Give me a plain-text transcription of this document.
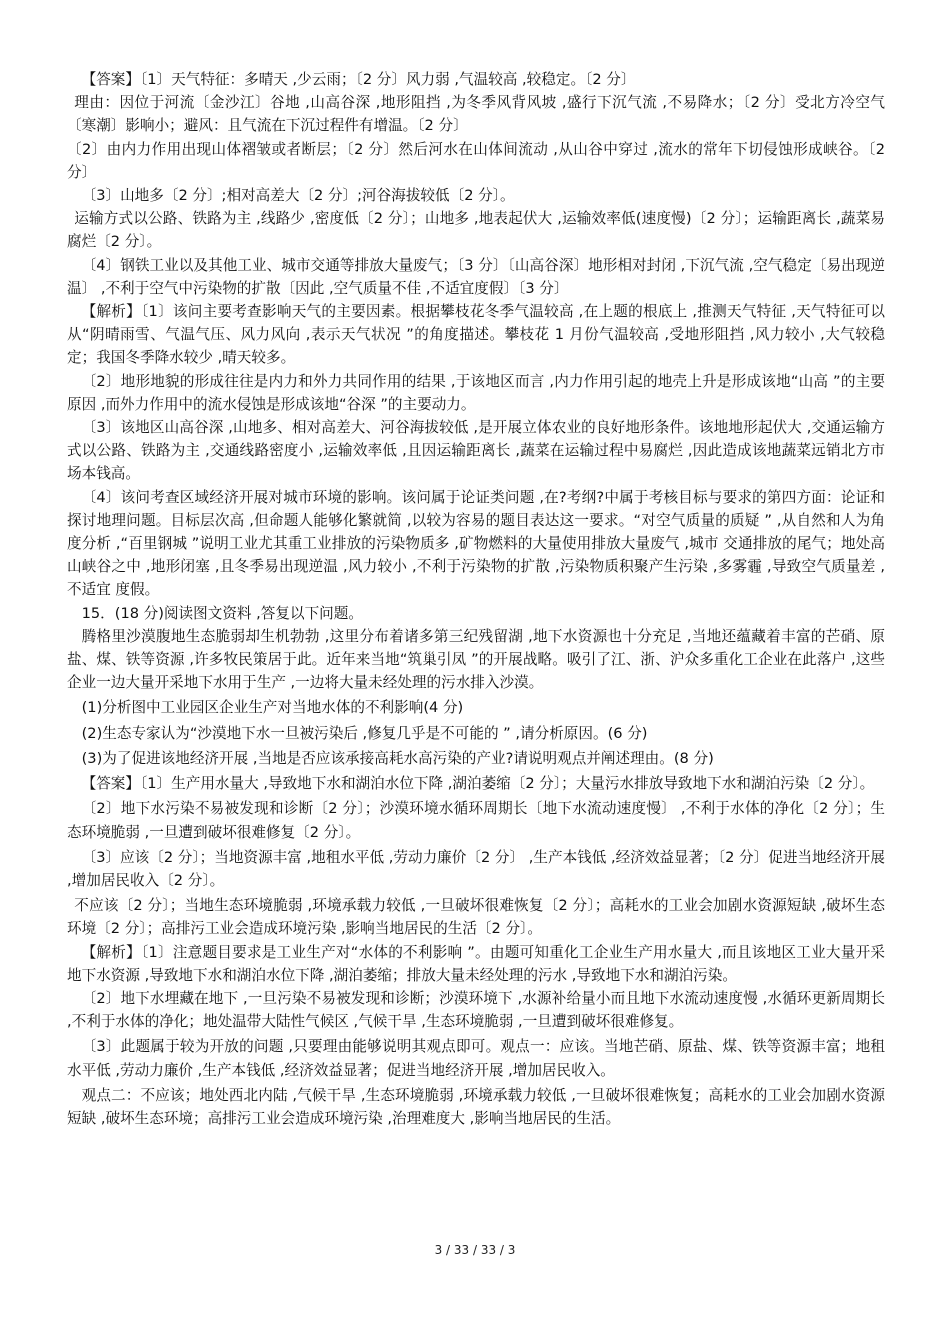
【答案】〔1〕天气特征：多晴天 ,少云雨；〔2 分〕风力弱 ,气温较高 ,较稳定。〔2 分〕

理由：因位于河流〔金沙江〕谷地 ,山高谷深 ,地形阻挡 ,为冬季风背风坡 ,盛行下沉气流 ,不易降水；〔2 分〕受北方冷空气〔寒潮〕影响小；避风：且气流在下沉过程件有增温。〔2 分〕

〔2〕由内力作用出现山体褶皱或者断层；〔2 分〕然后河水在山体间流动 ,从山谷中穿过 ,流水的常年下切侵蚀形成峡谷。〔2 分〕

〔3〕山地多〔2 分〕;相对高差大〔2 分〕;河谷海拔较低〔2 分〕。

运输方式以公路、铁路为主 ,线路少 ,密度低〔2 分〕；山地多 ,地表起伏大 ,运输效率低(速度慢)〔2 分〕；运输距离长 ,蔬菜易腐烂〔2 分〕。

〔4〕钢铁工业以及其他工业、城市交通等排放大量废气；〔3 分〕〔山高谷深〕地形相对封闭 ,下沉气流 ,空气稳定〔易出现逆温〕 ,不利于空气中污染物的扩散〔因此 ,空气质量不佳 ,不适宜度假〕〔3 分〕

【解析】〔1〕该问主要考查影响天气的主要因素。根据攀枝花冬季气温较高 ,在上题的根底上 ,推测天气特征 ,天气特征可以从“阴晴雨雪、气温气压、风力风向 ,表示天气状况 ”的角度描述。攀枝花 1 月份气温较高 ,受地形阻挡 ,风力较小 ,大气较稳定；我国冬季降水较少 ,晴天较多。

〔2〕地形地貌的形成往往是内力和外力共同作用的结果 ,于该地区而言 ,内力作用引起的地壳上升是形成该地“山高 ”的主要原因 ,而外力作用中的流水侵蚀是形成该地“谷深 ”的主要动力。

〔3〕该地区山高谷深 ,山地多、相对高差大、河谷海拔较低 ,是开展立体农业的良好地形条件。该地地形起伏大 ,交通运输方式以公路、铁路为主 ,交通线路密度小 ,运输效率低 ,且因运输距离长 ,蔬菜在运输过程中易腐烂 ,因此造成该地蔬菜远销北方市场本钱高。

〔4〕该问考查区域经济开展对城市环境的影响。该问属于论证类问题 ,在?考纲?中属于考核目标与要求的第四方面：论证和探讨地理问题。目标层次高 ,但命题人能够化繁就简 ,以较为容易的题目表达这一要求。“对空气质量的质疑 ” ,从自然和人为角度分析 ,“百里钢城 ”说明工业尤其重工业排放的污染物质多 ,矿物燃料的大量使用排放大量废气 ,城市 交通排放的尾气；地处高山峡谷之中 ,地形闭塞 ,且冬季易出现逆温 ,风力较小 ,不利于污染物的扩散 ,污染物质积聚产生污染 ,多雾霾 ,导致空气质量差 ,不适宜 度假。

15．(18 分)阅读图文资料 ,答复以下问题。

腾格里沙漠腹地生态脆弱却生机勃勃 ,这里分布着诸多第三纪残留湖 ,地下水资源也十分充足 ,当地还蕴藏着丰富的芒硝、原盐、煤、铁等资源 ,许多牧民策居于此。近年来当地“筑巢引凤 ”的开展战略。吸引了江、浙、沪众多重化工企业在此落户 ,这些企业一边大量开采地下水用于生产 ,一边将大量未经处理的污水排入沙漠。

(1)分析图中工业园区企业生产对当地水体的不利影响(4 分)

(2)生态专家认为“沙漠地下水一旦被污染后 ,修复几乎是不可能的 ” ,请分析原因。(6 分)

(3)为了促进该地经济开展 ,当地是否应该承接高耗水高污染的产业?请说明观点并阐述理由。(8 分)

【答案】〔1〕生产用水量大 ,导致地下水和湖泊水位下降 ,湖泊萎缩〔2 分〕；大量污水排放导致地下水和湖泊污染〔2 分〕。

〔2〕地下水污染不易被发现和诊断〔2 分〕；沙漠环境水循环周期长〔地下水流动速度慢〕 ,不利于水体的净化〔2 分〕；生态环境脆弱 ,一旦遭到破坏很难修复〔2 分〕。

〔3〕应该〔2 分〕；当地资源丰富 ,地租水平低 ,劳动力廉价〔2 分〕 ,生产本钱低 ,经济效益显著；〔2 分〕促进当地经济开展 ,增加居民收入〔2 分〕。

不应该〔2 分〕；当地生态环境脆弱 ,环境承载力较低 ,一旦破坏很难恢复〔2 分〕；高耗水的工业会加剧水资源短缺 ,破坏生态环境〔2 分〕；高排污工业会造成环境污染 ,影响当地居民的生活〔2 分〕。

【解析】〔1〕注意题目要求是工业生产对“水体的不利影响 ”。由题可知重化工企业生产用水量大 ,而且该地区工业大量开采地下水资源 ,导致地下水和湖泊水位下降 ,湖泊萎缩；排放大量未经处理的污水 ,导致地下水和湖泊污染。

〔2〕地下水埋藏在地下 ,一旦污染不易被发现和诊断；沙漠环境下 ,水源补给量小而且地下水流动速度慢 ,水循环更新周期长 ,不利于水体的净化；地处温带大陆性气候区 ,气候干旱 ,生态环境脆弱 ,一旦遭到破坏很难修复。

〔3〕此题属于较为开放的问题 ,只要理由能够说明其观点即可。观点一：应该。当地芒硝、原盐、煤、铁等资源丰富；地租水平低 ,劳动力廉价 ,生产本钱低 ,经济效益显著；促进当地经济开展 ,增加居民收入。

观点二：不应该；地处西北内陆 ,气候干旱 ,生态环境脆弱 ,环境承载力较低 ,一旦破坏很难恢复；高耗水的工业会加剧水资源短缺 ,破坏生态环境；高排污工业会造成环境污染 ,治理难度大 ,影响当地居民的生活。

3 / 33 / 33 / 3
